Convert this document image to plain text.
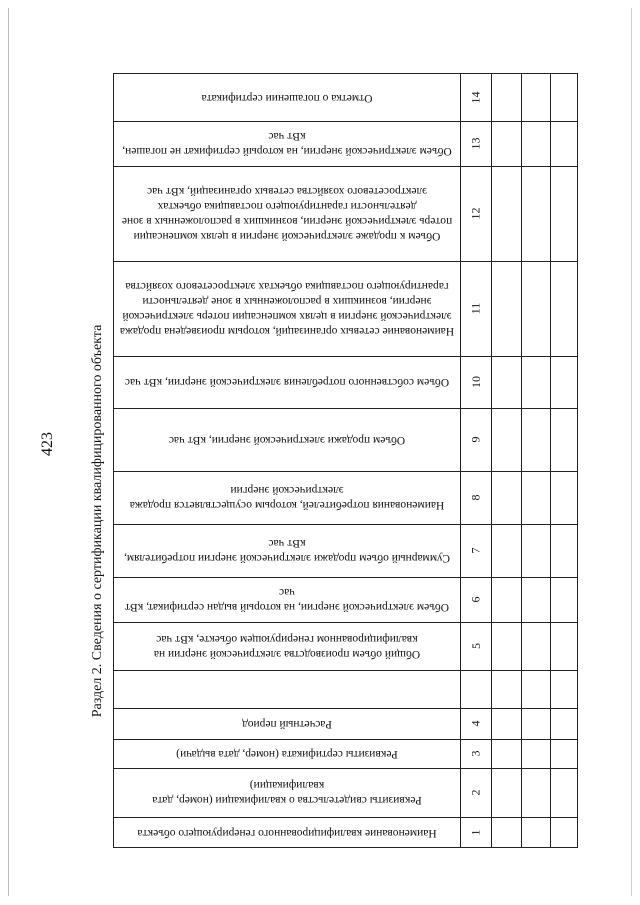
423 Раздел 2. Сведения о сертификации квалифицированного объекта
Отметка о погашении сертификата
Объем электрической энергии, на который сертификат не погашен, кВт час
Объем к продаже электрической энергии в целях компенсации потерь электрической энергии, возникших в расположенных в зоне деятельности гарантирующего поставщика объектах электросетевого хозяйства сетевых организаций, кВт час
Наименование сетевых организаций, которым произведена продажа электрической энергии в целях компенсации потерь электрической энергии, возникших в расположенных в зоне деятельности гарантирующего поставщика объектах электросетевого хозяйства
Объем собственного потребления электрической энергии, кВт час
Объем продажи электрической энергии, кВт час
Наименования потребителей, которым осуществляется продажа электрической энергии
Суммарный объем продажи электрической энергии потребителям, кВт час
Объем электрической энергии, на который выдан сертификат, кВт час
Общий объем производства электрической энергии на квалифицированном генерирующем объекте, кВт час
Расчетный период
Реквизиты сертификата (номер, дата выдачи)
Реквизиты свидетельства о квалификации (номер, дата квалификации)
Наименование квалифицированного генерирующего объекта
14
13
12
11
10
9
8
7
6
5
4
3
2
1
